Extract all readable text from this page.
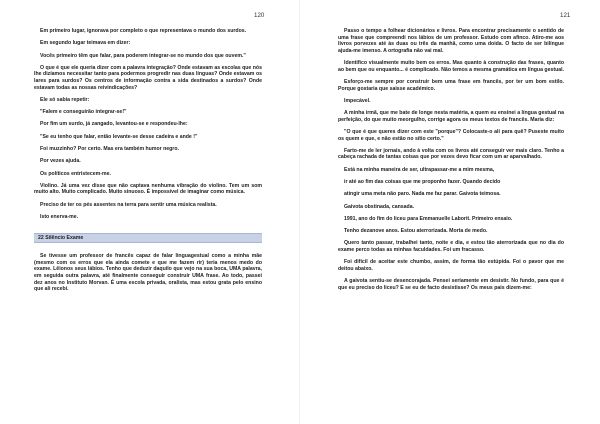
120

Em primeiro lugar, ignorava por completo o que representava o mundo dos surdos.

Em segundo lugar teimava em dizer:

Vocês primeiro têm que falar, para poderem integrar-se no mundo dos que ouvem."

O que é que ele queria dizer com a palavra integração? Onde estavam as escolas que nós lhe dizíamos necessitar tanto para podermos progredir nas duas línguas? Onde estavam os lares para surdos? Os centros de informação contra a sida destinados a surdos? Onde estavam todas as nossas reivindicações?

Ele só sabia repetir:

"Falem e conseguirão integrar-se!"

Por fim um surdo, já zangado, levantou-se e respondeu-lhe:

"Se eu tenho que falar, então levante-se desse cadeira e ande !"

Foi muzzinho? Por certo. Mas era também humor negro.

Por vezes ajuda.

Os políticos entristecem-me.

Violino. Já uma vez disse que não captava nenhuma vibração do violino. Tem um som muito alto. Muito complicado. Muito sinuoso. É impossível de imaginar como música.

Preciso de ter os pés assentes na terra para sentir uma música realista.

Isto enerva-me.

22 Silêncio Exame

Se tivesse um professor de francês capaz de falar linguagestual como a minha mãe (mesmo com os erros que ela ainda comete e que me fazem rir) teria menos medo do exame. Lêionos seus lábios. Tenho que deduzir daquilo que vejo na sua boca, UMA palavra, em seguida outra palavra, até finalmente conseguir construir UMA frase. Ao todo, passei dez anos no Instituto Morvan. É uma escola privada, oralista, mas estou grata pelo ensino que ali recebi.

121

Passo o tempo a folhear dicionários e livros. Para encontrar precisamente o sentido de uma frase que compreendi nos lábios de um professor. Estudo com afinco. Atiro-me aos livros porvezes até às duas ou três da manhã, como uma doida. O facto de ser bilíngue ajuda-me imenso. A ortografia não vai mal.

Identifico visualmente muito bem os erros. Mas quanto à construção das frases, quanto ao bem que ou enquanto... é complicado. Não temos a mesma gramática em língua gestual.

Esforço-me sempre por construir bem uma frase em francês, por ter um bom estilo. Porque gostaria que saisse académico.

Impecável.

A minha irmã, que me bate de longe nesta matéria, a quem eu ensinei a língua gestual na perfeição, do que muito meorgulho, corrige agora os meus textos de francês. Maria diz:

"O que é que queres dizer com este "porque"? Colocaste-o ali para quê? Puseste muito os quem e que, e não estão no sítio certo."

Farto-me de ler jornais, ando à volta com os livros até conseguir ver mais claro. Tenho a cabeça rachada de tantas coisas que por vezes devo ficar com um ar aparvalhado.

Está na minha maneira de ser, ultrapassar-me a mim mesma,

ir até ao fim das coisas que me proponho fazer. Quando decido

atingir uma meta não paro. Nada me faz parar. Gaivota teimosa.

Gaivota obstinada, cansada.

1991, ano do fim do liceu para Emmanuelle Laborit. Primeiro ensaio.

Tenho dezanove anos. Estou aterrorizada. Morta de medo.

Quero tanto passar, trabalhei tanto, noite e dia, e estou tão aterrorizada que no dia do exame perco todas as minhas faculdades. Foi um fracasso.

Foi difícil de aceitar este chumbo, assim, de forma tão estúpida. Foi o pavor que me deitou abaixo.

A gaivota sentiu-se desencorajada. Pensei seriamente em desistir. No fundo, para que é que eu preciso do liceu? E se eu de facto desistisse? Os meus pais dizem-me:
